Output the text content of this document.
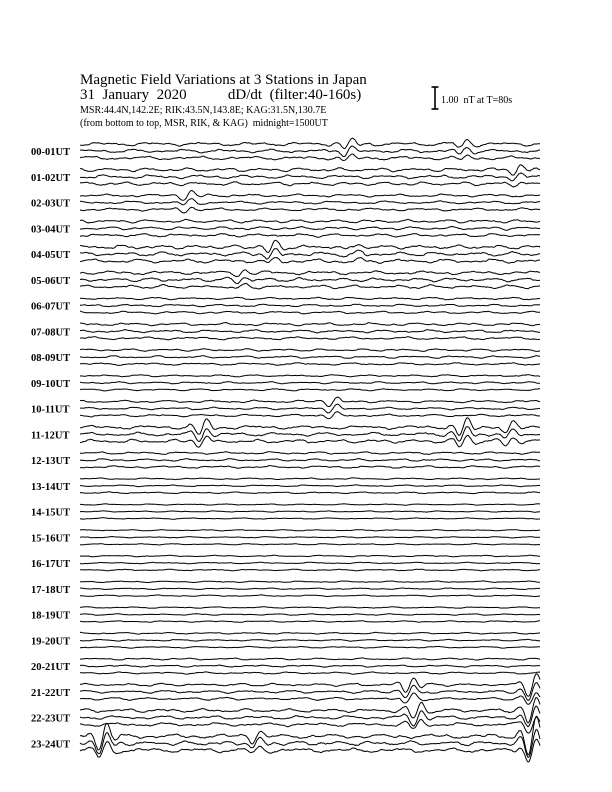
Magnetic Field Variations at 3 Stations in Japan
31  January  2020           dD/dt  (filter:40-160s)
MSR:44.4N,142.2E; RIK:43.5N,143.8E; KAG:31.5N,130.7E
(from bottom to top, MSR, RIK, & KAG)  midnight=1500UT
1.00  nT at T=80s
00-01UT
01-02UT
02-03UT
03-04UT
04-05UT
05-06UT
06-07UT
07-08UT
08-09UT
09-10UT
10-11UT
11-12UT
12-13UT
13-14UT
14-15UT
15-16UT
16-17UT
17-18UT
18-19UT
19-20UT
20-21UT
21-22UT
22-23UT
23-24UT
